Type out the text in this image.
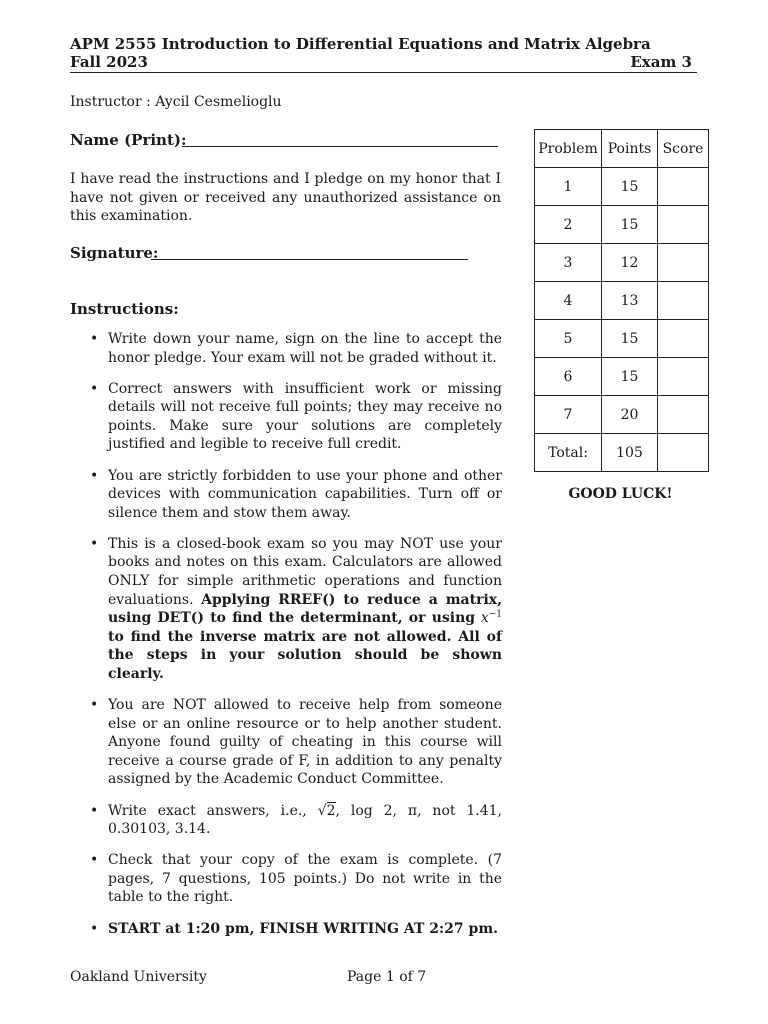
APM 2555 Introduction to Differential Equations and Matrix Algebra
Fall 2023	Exam 3
Instructor : Aycil Cesmelioglu
Name (Print):

I have read the instructions and I pledge on my honor that I have not given or received any unauthorized assistance on this examination.

Signature:
Instructions:
• Write down your name, sign on the line to accept the honor pledge. Your exam will not be graded without it.
• Correct answers with insufficient work or missing details will not receive full points; they may receive no points. Make sure your solutions are completely justified and legible to receive full credit.
• You are strictly forbidden to use your phone and other devices with communication capabilities. Turn off or silence them and stow them away.
• This is a closed-book exam so you may NOT use your books and notes on this exam. Calculators are allowed ONLY for simple arithmetic operations and function evaluations. Applying RREF() to reduce a matrix, using DET() to find the determinant, or using $x^{-1}$ to find the inverse matrix are not allowed. All of the steps in your solution should be shown clearly.
• You are NOT allowed to receive help from someone else or an online resource or to help another student. Anyone found guilty of cheating in this course will receive a course grade of F, in addition to any penalty assigned by the Academic Conduct Committee.
• Write exact answers, i.e., √2, log 2, π, not 1.41, 0.30103, 3.14.
• Check that your copy of the exam is complete. (7 pages, 7 questions, 105 points.) Do not write in the table to the right.
• START at 1:20 pm, FINISH WRITING AT 2:27 pm.
Problem	Points	Score
1	15	
2	15	
3	12	
4	13	
5	15	
6	15	
7	20	
Total:	105	
GOOD LUCK!
Oakland University	Page 1 of 7
